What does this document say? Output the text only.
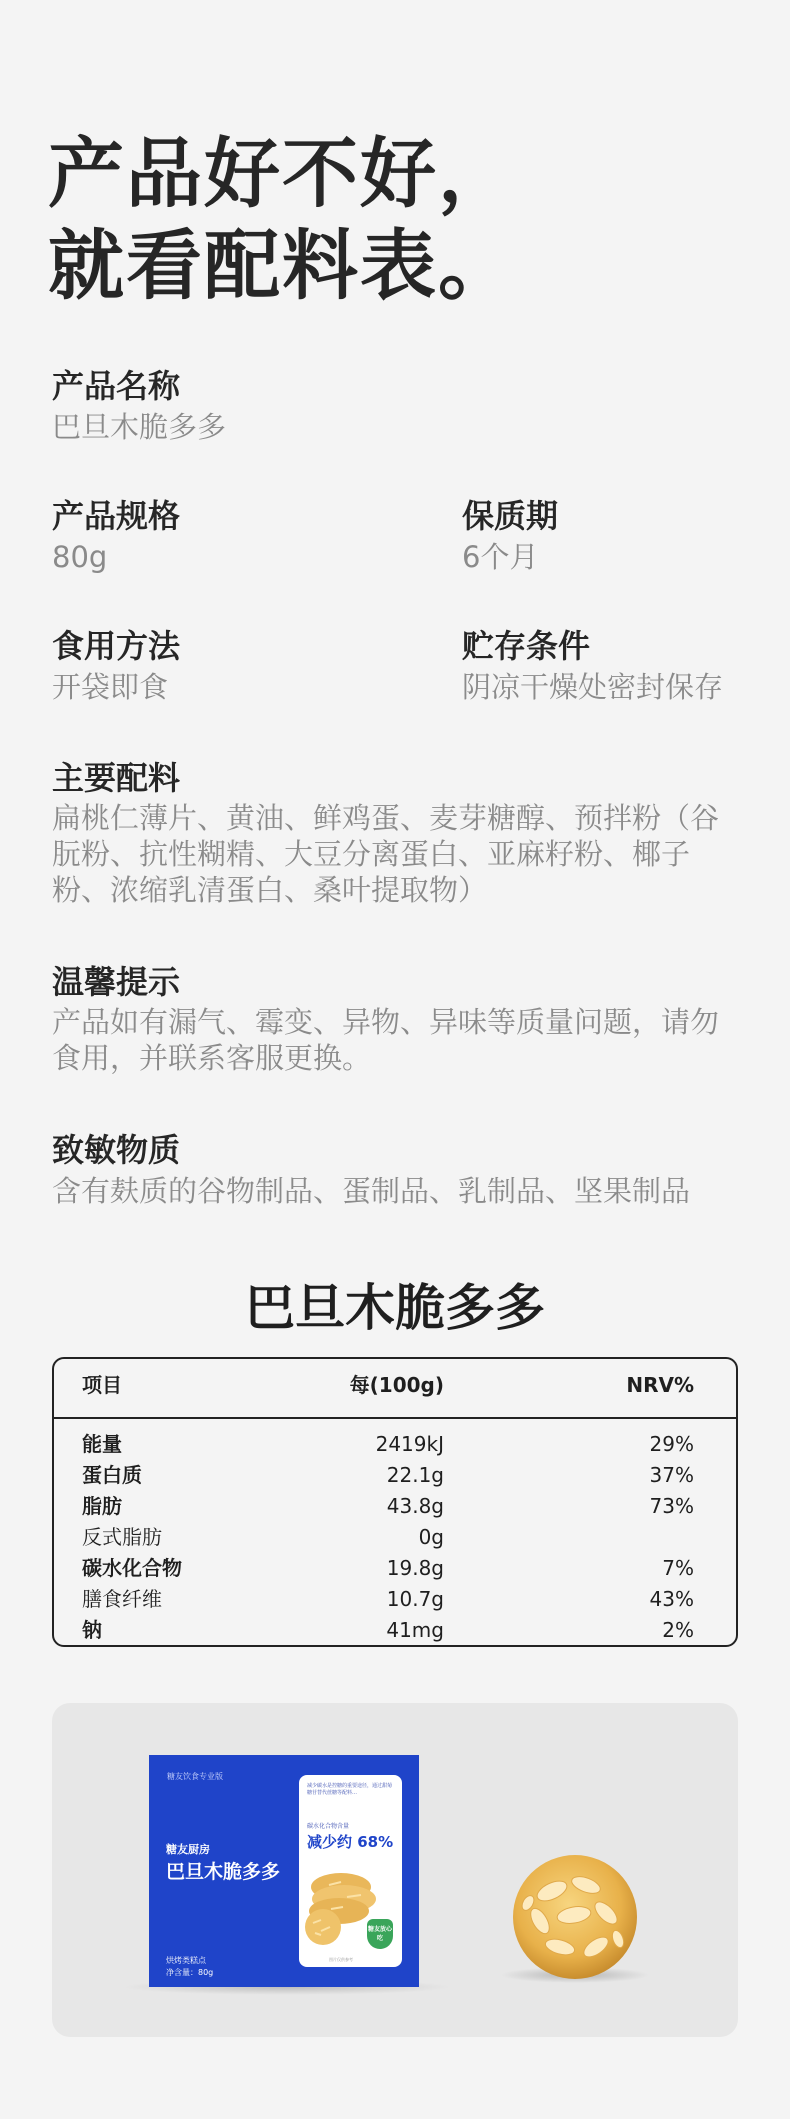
产品好不好，
就看配料表。
产品名称
巴旦木脆多多
产品规格
80g
保质期
6个月
食用方法
开袋即食
贮存条件
阴凉干燥处密封保存
主要配料
扁桃仁薄片、黄油、鲜鸡蛋、麦芽糖醇、预拌粉（谷朊粉、抗性糊精、大豆分离蛋白、亚麻籽粉、椰子粉、浓缩乳清蛋白、桑叶提取物）
温馨提示
产品如有漏气、霉变、异物、异味等质量问题，请勿食用，并联系客服更换。
致敏物质
含有麸质的谷物制品、蛋制品、乳制品、坚果制品
巴旦木脆多多
项目	每(100g)	NRV%
能量	2419kJ	29%
蛋白质	22.1g	37%
脂肪	43.8g	73%
反式脂肪	0g
碳水化合物	19.8g	7%
膳食纤维	10.7g	43%
钠	41mg	2%
糖友饮食专业版
糖友厨房
巴旦木脆多多
烘烤类糕点
净含量：80g
减少碳水是控糖的重要途径，通过甜菊糖苷替代蔗糖等配料…
碳水化合物含量
减少约 68%
糖友放心吃
图片仅供参考
